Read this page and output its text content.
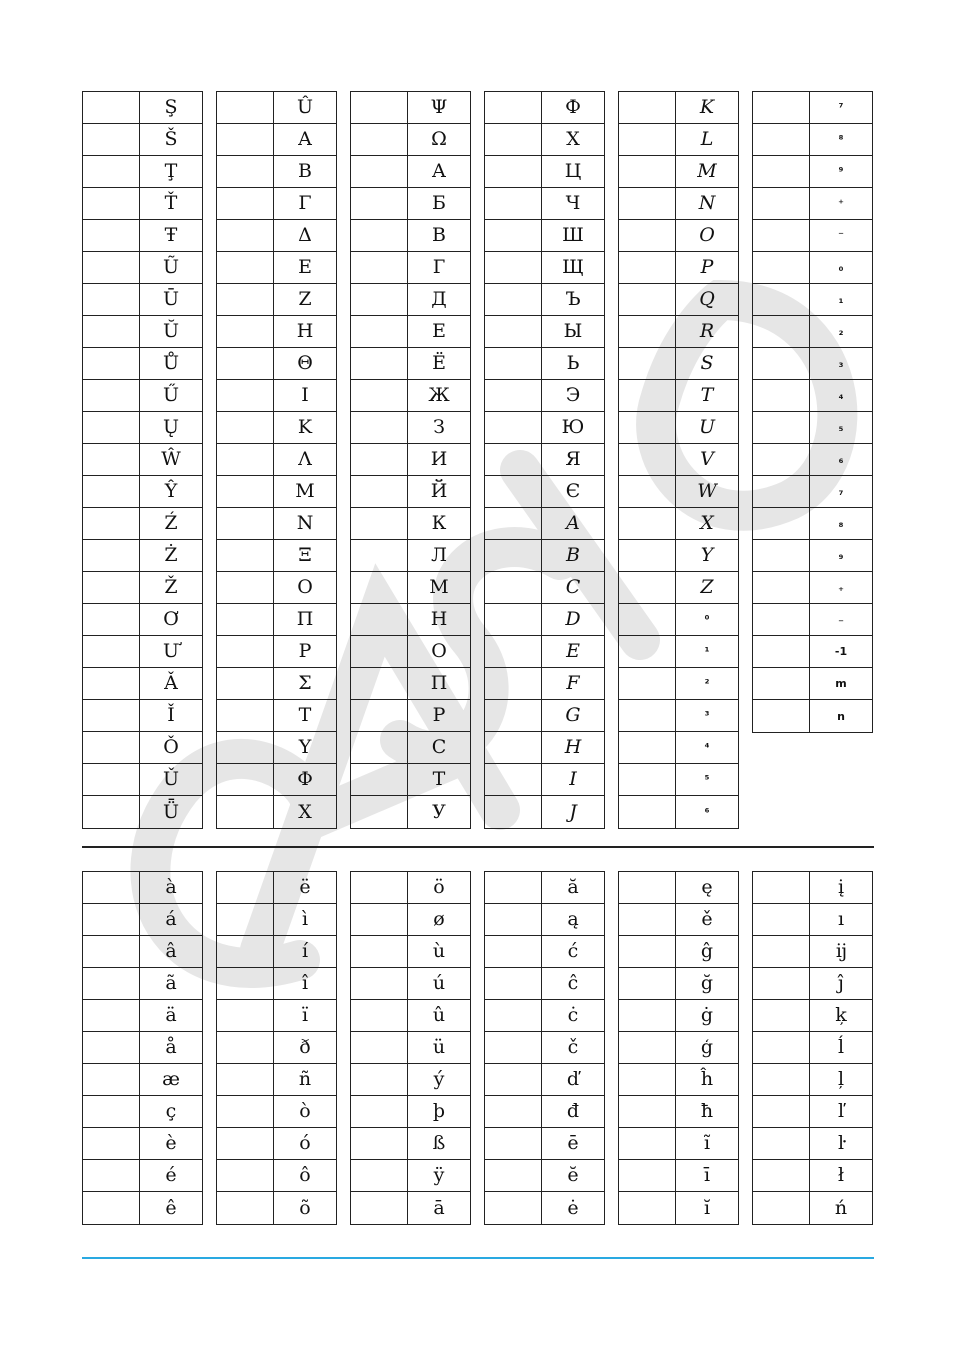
Ş
Š
Ţ
Ť
Ŧ
Ũ
Ū
Ŭ
Ů
Ű
Ų
Ŵ
Ŷ
Ź
Ż
Ž
Ơ
Ư
Ǎ
Ǐ
Ǒ
Ǔ
Ǖ
Û
Α
Β
Γ
Δ
Ε
Ζ
Η
Θ
Ι
Κ
Λ
Μ
Ν
Ξ
Ο
Π
Ρ
Σ
Τ
Υ
Φ
Χ
Ψ
Ω
А
Б
В
Г
Д
Е
Ё
Ж
З
И
Й
К
Л
М
Н
О
П
Р
С
Т
У
Ф
Х
Ц
Ч
Ш
Щ
Ъ
Ы
Ь
Э
Ю
Я
Є
A
B
C
D
E
F
G
H
I
J
K
L
M
N
O
P
Q
R
S
T
U
V
W
X
Y
Z
⁰
¹
²
³
⁴
⁵
⁶
⁷
⁸
⁹
⁺
⁻
₀
₁
₂
₃
₄
₅
₆
₇
₈
₉
₊
₋
-1
m
n
à
á
â
ã
ä
å
æ
ç
è
é
ê
ë
ì
í
î
ï
ð
ñ
ò
ó
ô
õ
ö
ø
ù
ú
û
ü
ý
þ
ß
ÿ
ā
ă
ą
ć
ĉ
ċ
č
ď
đ
ē
ĕ
ė
ę
ě
ĝ
ğ
ġ
ģ
ĥ
ħ
ĩ
ī
ĭ
į
ı
ĳ
ĵ
ķ
ĺ
ļ
ľ
ŀ
ł
ń
